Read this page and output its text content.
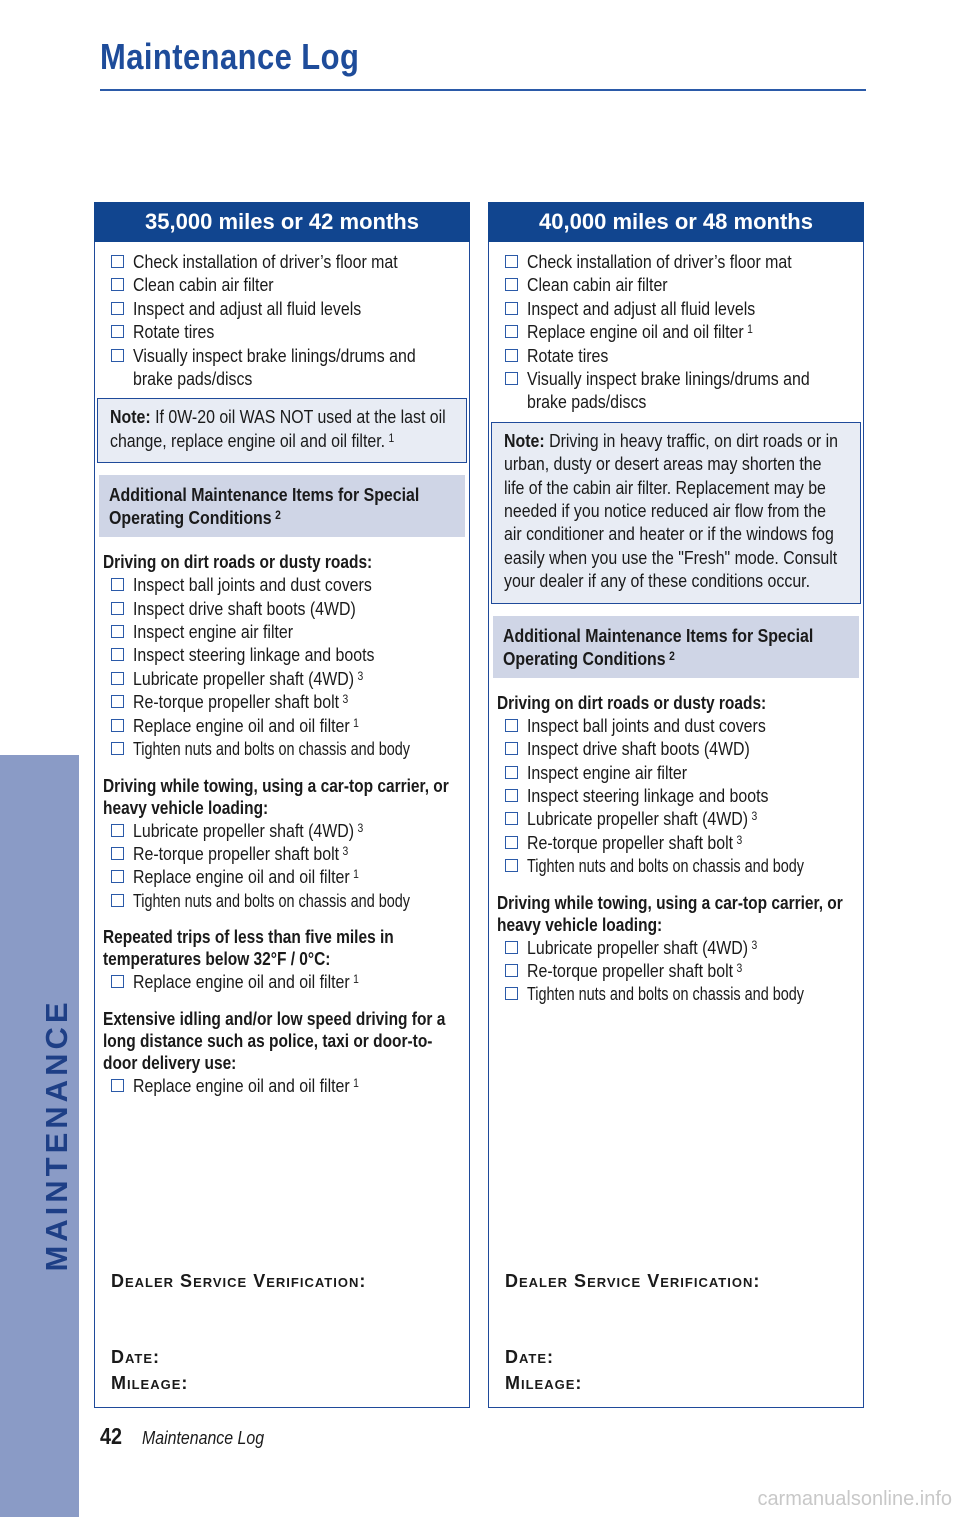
Maintenance Log
MAINTENANCE
35,000 miles or 42 months
Check installation of driver’s floor mat
Clean cabin air filter
Inspect and adjust all fluid levels
Rotate tires
Visually inspect brake linings/drums and
brake pads/discs
Note: If 0W-20 oil WAS NOT used at the last oil change, replace engine oil and oil filter. $^1$
Additional Maintenance Items for Special Operating Conditions $^2$
Driving on dirt roads or dusty roads:
Inspect ball joints and dust covers
Inspect drive shaft boots (4WD)
Inspect engine air filter
Inspect steering linkage and boots
Lubricate propeller shaft (4WD) $^3$
Re-torque propeller shaft bolt $^3$
Replace engine oil and oil filter $^1$
Tighten nuts and bolts on chassis and body
Driving while towing, using a car-top carrier, or heavy vehicle loading:
Lubricate propeller shaft (4WD) $^3$
Re-torque propeller shaft bolt $^3$
Replace engine oil and oil filter $^1$
Tighten nuts and bolts on chassis and body
Repeated trips of less than five miles in temperatures below 32°F / 0°C:
Replace engine oil and oil filter $^1$
Extensive idling and/or low speed driving for a long distance such as police, taxi or door-to-door delivery use:
Replace engine oil and oil filter $^1$
Dealer Service Verification:
Date:
Mileage:
40,000 miles or 48 months
Check installation of driver’s floor mat
Clean cabin air filter
Inspect and adjust all fluid levels
Replace engine oil and oil filter $^1$
Rotate tires
Visually inspect brake linings/drums and
brake pads/discs
Note: Driving in heavy traffic, on dirt roads or in urban, dusty or desert areas may shorten the life of the cabin air filter. Replacement may be needed if you notice reduced air flow from the air conditioner and heater or if the windows fog easily when you use the "Fresh" mode. Consult your dealer if any of these conditions occur.
Additional Maintenance Items for Special Operating Conditions $^2$
Driving on dirt roads or dusty roads:
Inspect ball joints and dust covers
Inspect drive shaft boots (4WD)
Inspect engine air filter
Inspect steering linkage and boots
Lubricate propeller shaft (4WD) $^3$
Re-torque propeller shaft bolt $^3$
Tighten nuts and bolts on chassis and body
Driving while towing, using a car-top carrier, or heavy vehicle loading:
Lubricate propeller shaft (4WD) $^3$
Re-torque propeller shaft bolt $^3$
Tighten nuts and bolts on chassis and body
Dealer Service Verification:
Date:
Mileage:
42 Maintenance Log
carmanualsonline.info
